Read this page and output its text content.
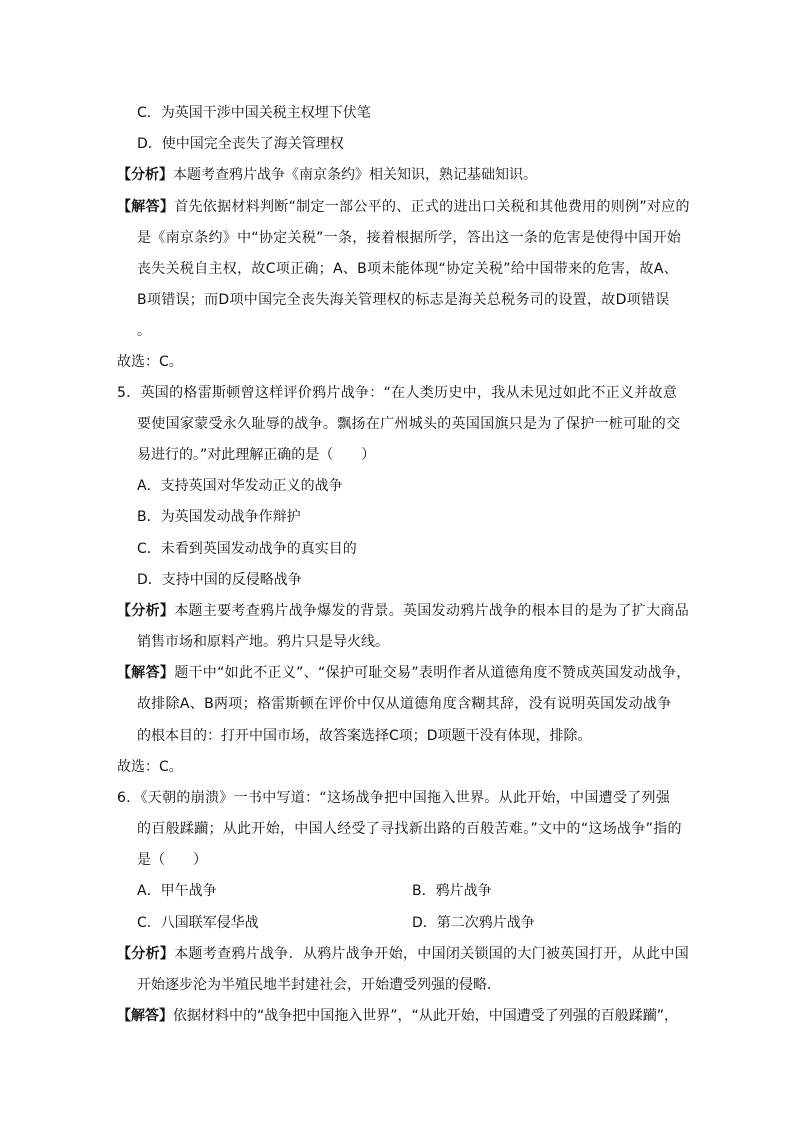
C．为英国干涉中国关税主权埋下伏笔
D．使中国完全丧失了海关管理权
【分析】本题考查鸦片战争《南京条约》相关知识，熟记基础知识。
【解答】首先依据材料判断“制定一部公平的、正式的进出口关税和其他费用的则例”对应的
是《南京条约》中“协定关税”一条，接着根据所学，答出这一条的危害是使得中国开始
丧失关税自主权，故C项正确；A、B项未能体现“协定关税”给中国带来的危害，故A、
B项错误；而D项中国完全丧失海关管理权的标志是海关总税务司的设置，故D项错误
。
故选：C。
5．英国的格雷斯顿曾这样评价鸦片战争：“在人类历史中，我从未见过如此不正义并故意
要使国家蒙受永久耻辱的战争。飘扬在广州城头的英国国旗只是为了保护一桩可耻的交
易进行的。”对此理解正确的是（　　）
A．支持英国对华发动正义的战争
B．为英国发动战争作辩护
C．未看到英国发动战争的真实目的
D．支持中国的反侵略战争
【分析】本题主要考查鸦片战争爆发的背景。英国发动鸦片战争的根本目的是为了扩大商品
销售市场和原料产地。鸦片只是导火线。
【解答】题干中“如此不正义”、“保护可耻交易”表明作者从道德角度不赞成英国发动战争，
故排除A、B两项；格雷斯顿在评价中仅从道德角度含糊其辞，没有说明英国发动战争
的根本目的：打开中国市场，故答案选择C项；D项题干没有体现，排除。
故选：C。
6．《天朝的崩溃》一书中写道：“这场战争把中国拖入世界。从此开始，中国遭受了列强
的百般蹂躏；从此开始，中国人经受了寻找新出路的百般苦难。”文中的“这场战争”指的
是（　　）
A．甲午战争	B．鸦片战争
C．八国联军侵华战	D．第二次鸦片战争
【分析】本题考查鸦片战争．从鸦片战争开始，中国闭关锁国的大门被英国打开，从此中国
开始逐步沦为半殖民地半封建社会，开始遭受列强的侵略．
【解答】依据材料中的“战争把中国拖入世界”，“从此开始，中国遭受了列强的百般蹂躏”，
